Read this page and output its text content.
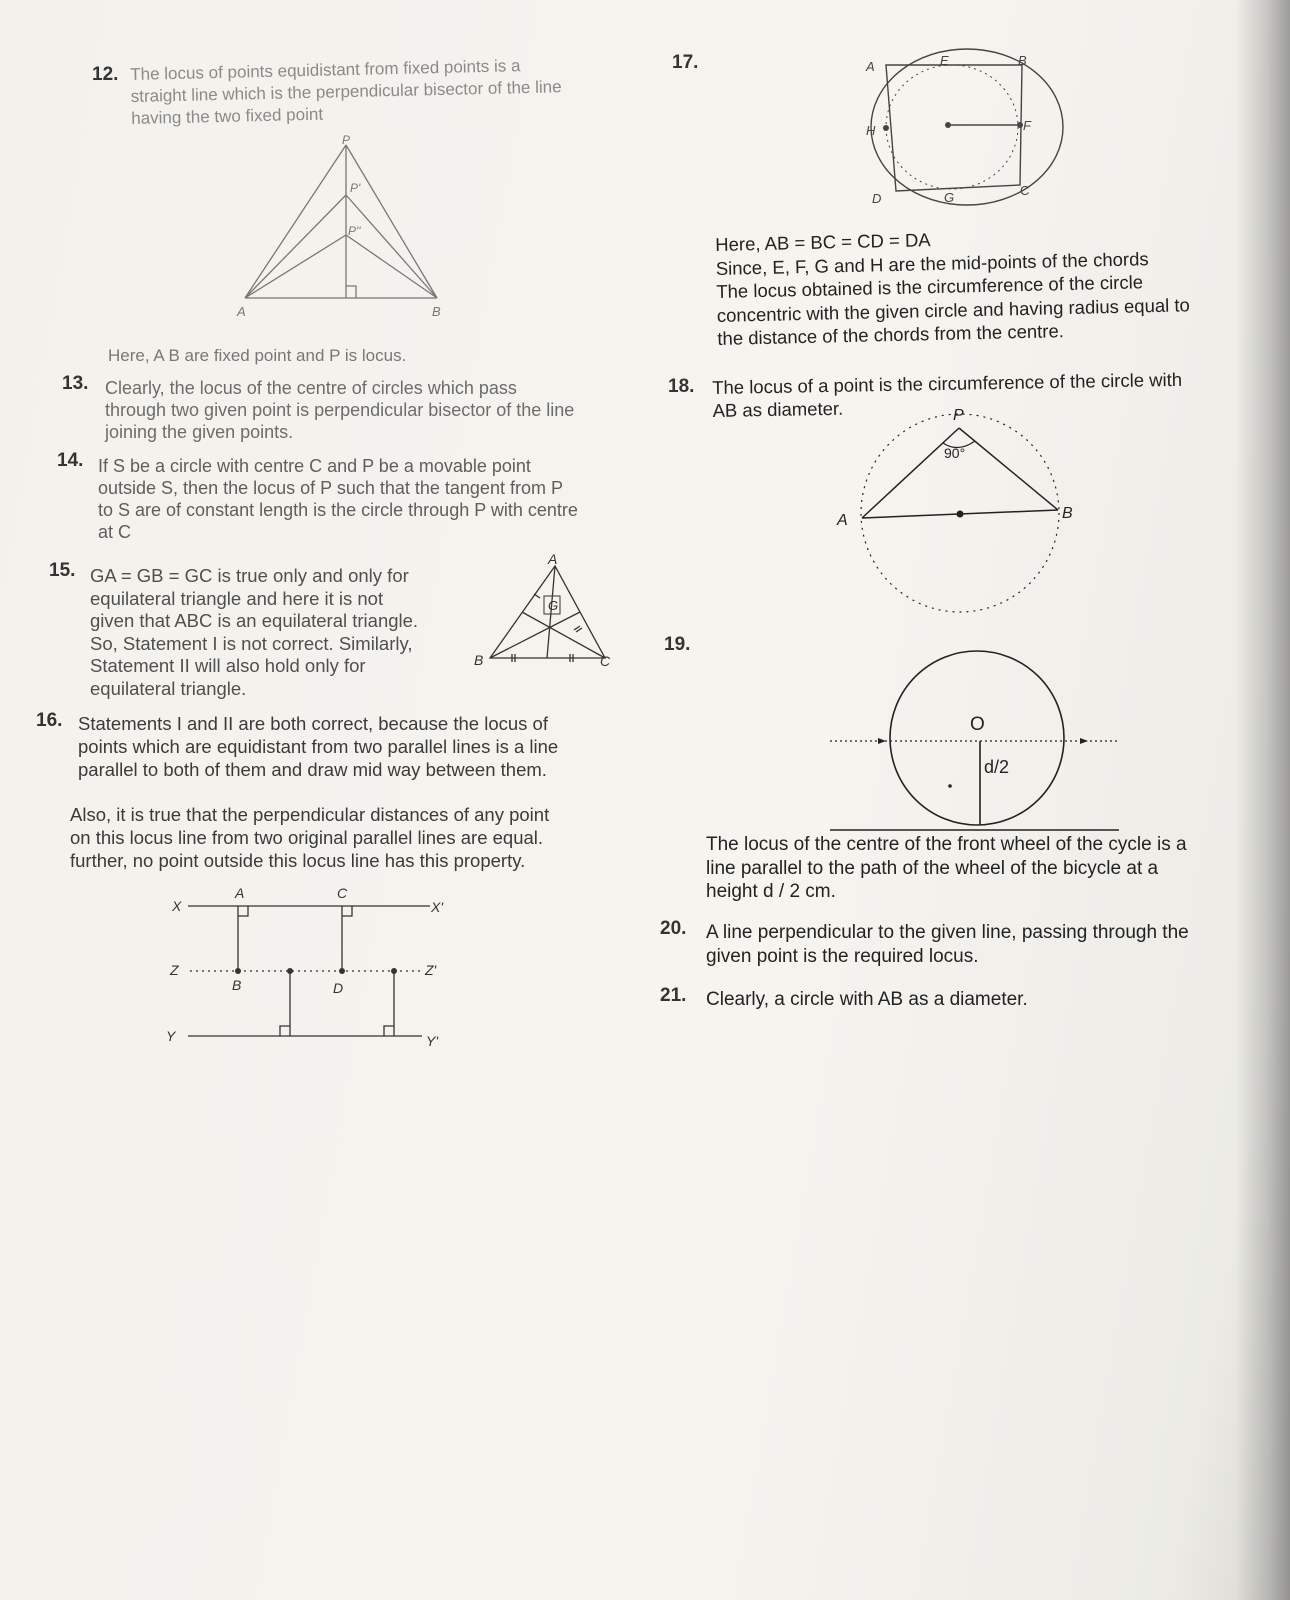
12. The locus of points equidistant from fixed points is a
straight line which is the perpendicular bisector of the line
having the two fixed point
P
P'
P''
A	B
Here, A B are fixed point and P is locus.
13. Clearly, the locus of the centre of circles which pass
through two given point is perpendicular bisector of the line
joining the given points.
14. If S be a circle with centre C and P be a movable point
outside S, then the locus of P such that the tangent from P
to S are of constant length is the circle through P with centre
at C
15. GA = GB = GC is true only and only for
equilateral triangle and here it is not
given that ABC is an equilateral triangle.
So, Statement I is not correct. Similarly,
Statement II will also hold only for
equilateral triangle.
A
G
B	C
16. Statements I and II are both correct, because the locus of
points which are equidistant from two parallel lines is a line
parallel to both of them and draw mid way between them.
Also, it is true that the perpendicular distances of any point
on this locus line from two original parallel lines are equal.
further, no point outside this locus line has this property.
X	X'
Z	Z'
Y	Y'
A
B
C
D
17.	A	E	B
F
H
D	G	C
Here, AB = BC = CD = DA
Since, E, F, G and H are the mid-points of the chords
The locus obtained is the circumference of the circle
concentric with the given circle and having radius equal to
the distance of the chords from the centre.
18. The locus of a point is the circumference of the circle with
AB as diameter.	P
A	B
90°
19.
O
d/2
The locus of the centre of the front wheel of the cycle is a
line parallel to the path of the wheel of the bicycle at a
height d / 2 cm.
20. A line perpendicular to the given line, passing through the
given point is the required locus.
21. Clearly, a circle with AB as a diameter.
